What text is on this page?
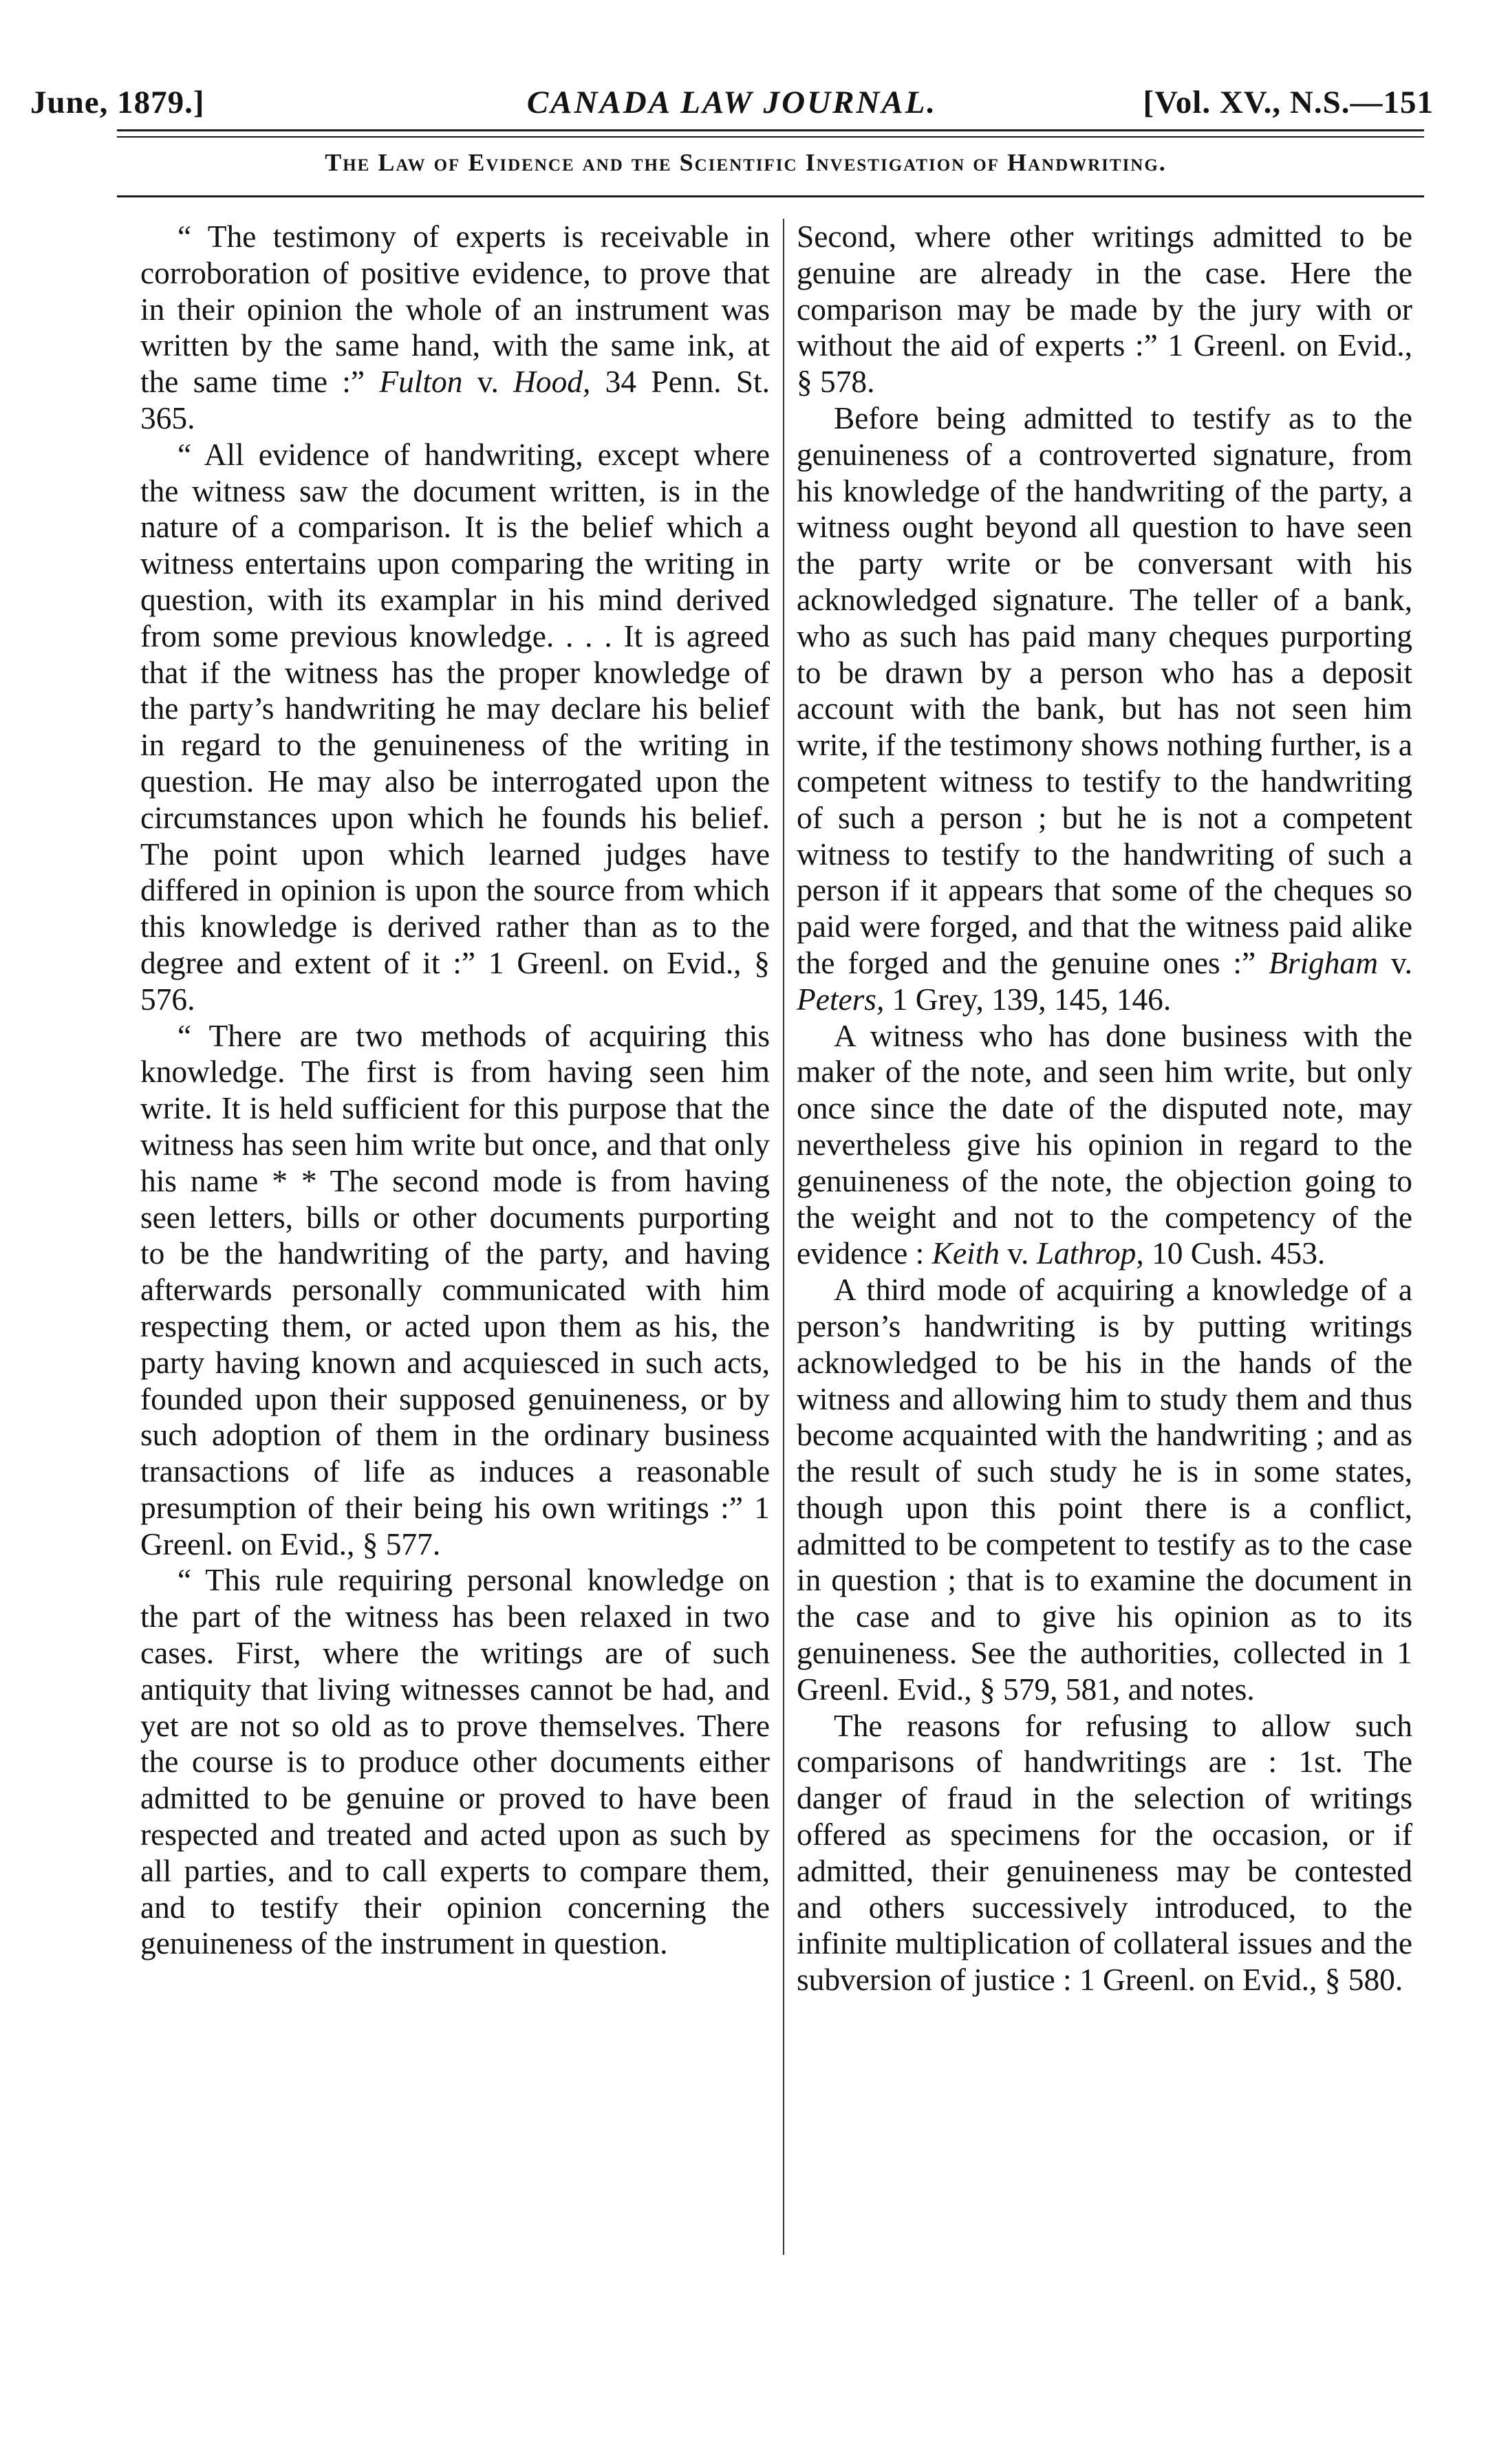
June, 1879.]	CANADA LAW JOURNAL.	[Vol. XV., N.S.—151
The Law of Evidence and the Scientific Investigation of Handwriting.

“ The testimony of experts is receivable in corroboration of positive evidence, to prove that in their opinion the whole of an instrument was written by the same hand, with the same ink, at the same time :” Fulton v. Hood, 34 Penn. St. 365.

“ All evidence of handwriting, except where the witness saw the document written, is in the nature of a comparison. It is the belief which a witness entertains upon comparing the writing in question, with its examplar in his mind derived from some previous knowledge. . . . It is agreed that if the witness has the proper knowledge of the party’s handwriting he may declare his belief in regard to the genuineness of the writing in question. He may also be interrogated upon the circumstances upon which he founds his belief. The point upon which learned judges have differed in opinion is upon the source from which this knowledge is derived rather than as to the degree and extent of it :” 1 Greenl. on Evid., § 576.

“ There are two methods of acquiring this knowledge. The first is from having seen him write. It is held sufficient for this purpose that the witness has seen him write but once, and that only his name * * The second mode is from having seen letters, bills or other documents purporting to be the handwriting of the party, and having afterwards personally communicated with him respecting them, or acted upon them as his, the party having known and acquiesced in such acts, founded upon their supposed genuineness, or by such adoption of them in the ordinary business transactions of life as induces a reasonable presumption of their being his own writings :” 1 Greenl. on Evid., § 577.

“ This rule requiring personal knowledge on the part of the witness has been relaxed in two cases. First, where the writings are of such antiquity that living witnesses cannot be had, and yet are not so old as to prove themselves. There the course is to produce other documents either admitted to be genuine or proved to have been respected and treated and acted upon as such by all parties, and to call experts to compare them, and to testify their opinion concerning the genuineness of the instrument in question.

Second, where other writings admitted to be genuine are already in the case. Here the comparison may be made by the jury with or without the aid of experts :” 1 Greenl. on Evid., § 578.

Before being admitted to testify as to the genuineness of a controverted signature, from his knowledge of the handwriting of the party, a witness ought beyond all question to have seen the party write or be conversant with his acknowledged signature. The teller of a bank, who as such has paid many cheques purporting to be drawn by a person who has a deposit account with the bank, but has not seen him write, if the testimony shows nothing further, is a competent witness to testify to the handwriting of such a person ; but he is not a competent witness to testify to the handwriting of such a person if it appears that some of the cheques so paid were forged, and that the witness paid alike the forged and the genuine ones :” Brigham v. Peters, 1 Grey, 139, 145, 146.

A witness who has done business with the maker of the note, and seen him write, but only once since the date of the disputed note, may nevertheless give his opinion in regard to the genuineness of the note, the objection going to the weight and not to the competency of the evidence : Keith v. Lathrop, 10 Cush. 453.

A third mode of acquiring a knowledge of a person’s handwriting is by putting writings acknowledged to be his in the hands of the witness and allowing him to study them and thus become acquainted with the handwriting ; and as the result of such study he is in some states, though upon this point there is a conflict, admitted to be competent to testify as to the case in question ; that is to examine the document in the case and to give his opinion as to its genuineness. See the authorities, collected in 1 Greenl. Evid., § 579, 581, and notes.

The reasons for refusing to allow such comparisons of handwritings are : 1st. The danger of fraud in the selection of writings offered as specimens for the occasion, or if admitted, their genuineness may be contested and others successively introduced, to the infinite multiplication of collateral issues and the subversion of justice : 1 Greenl. on Evid., § 580.
